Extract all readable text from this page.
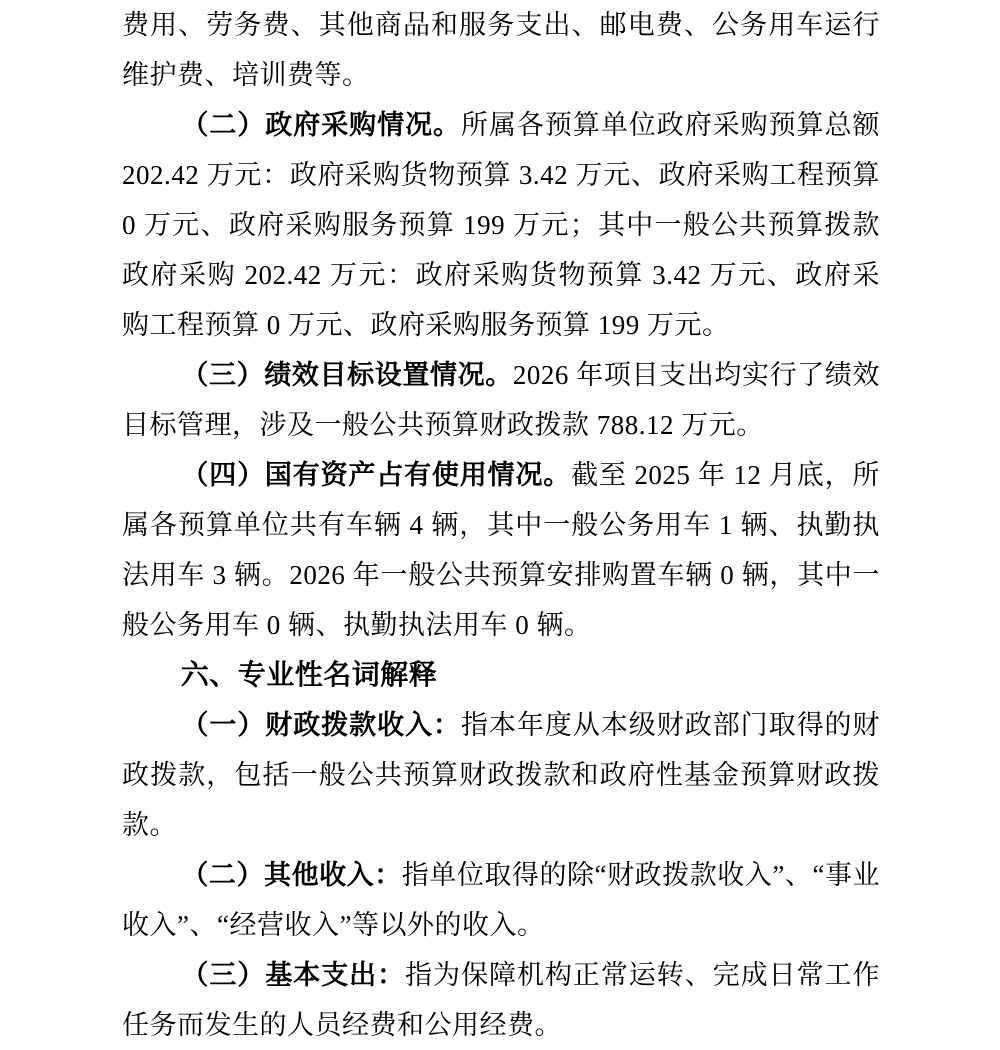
费用、劳务费、其他商品和服务支出、邮电费、公务用车运行维护费、培训费等。

（二）政府采购情况。所属各预算单位政府采购预算总额 202.42 万元：政府采购货物预算 3.42 万元、政府采购工程预算 0 万元、政府采购服务预算 199 万元；其中一般公共预算拨款政府采购 202.42 万元：政府采购货物预算 3.42 万元、政府采购工程预算 0 万元、政府采购服务预算 199 万元。

（三）绩效目标设置情况。2026 年项目支出均实行了绩效目标管理，涉及一般公共预算财政拨款 788.12 万元。

（四）国有资产占有使用情况。截至 2025 年 12 月底，所属各预算单位共有车辆 4 辆，其中一般公务用车 1 辆、执勤执法用车 3 辆。2026 年一般公共预算安排购置车辆 0 辆，其中一般公务用车 0 辆、执勤执法用车 0 辆。

六、专业性名词解释

（一）财政拨款收入：指本年度从本级财政部门取得的财政拨款，包括一般公共预算财政拨款和政府性基金预算财政拨款。

（二）其他收入：指单位取得的除“财政拨款收入”、“事业收入”、“经营收入”等以外的收入。

（三）基本支出：指为保障机构正常运转、完成日常工作任务而发生的人员经费和公用经费。
